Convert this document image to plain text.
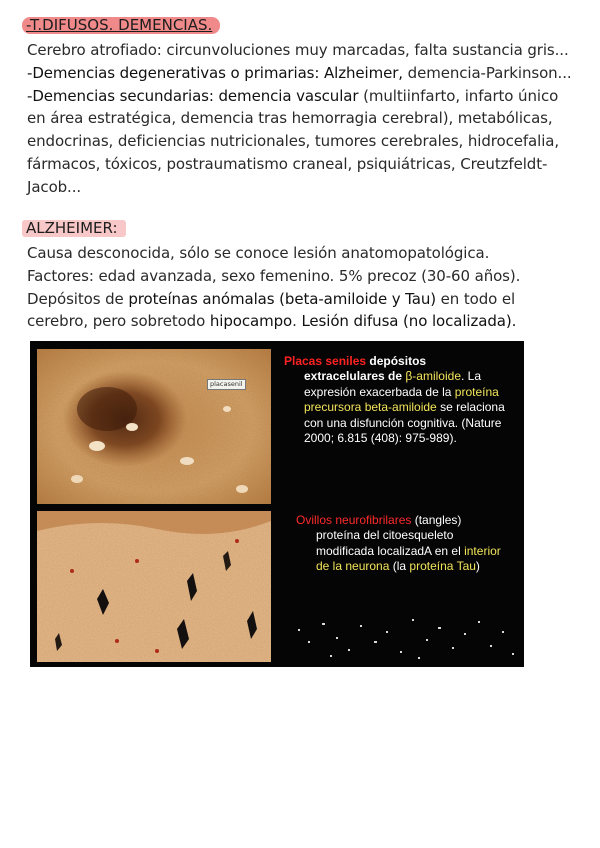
-T.DIFUSOS. DEMENCIAS.

Cerebro atrofiado: circunvoluciones muy marcadas, falta sustancia gris...

-Demencias degenerativas o primarias: Alzheimer, demencia-Parkinson...

-Demencias secundarias: demencia vascular (multiinfarto, infarto único en área estratégica, demencia tras hemorragia cerebral), metabólicas, endocrinas, deficiencias nutricionales, tumores cerebrales, hidrocefalia, fármacos, tóxicos, postraumatismo craneal, psiquiátricas, Creutzfeldt-Jacob...

ALZHEIMER:

Causa desconocida, sólo se conoce lesión anatomopatológica.

Factores: edad avanzada, sexo femenino. 5% precoz (30-60 años).

Depósitos de proteínas anómalas (beta-amiloide y Tau) en todo el cerebro, pero sobretodo hipocampo. Lesión difusa (no localizada).

placasenil
Placas seniles depósitos
extracelulares de β-amiloide. La expresión exacerbada de la proteína precursora beta-amiloide se relaciona con una disfunción cognitiva. (Nature 2000; 6.815 (408): 975-989).
Ovillos neurofibrilares (tangles)
proteína del citoesqueleto modificada localizadA en el interior de la neurona (la proteína Tau)
